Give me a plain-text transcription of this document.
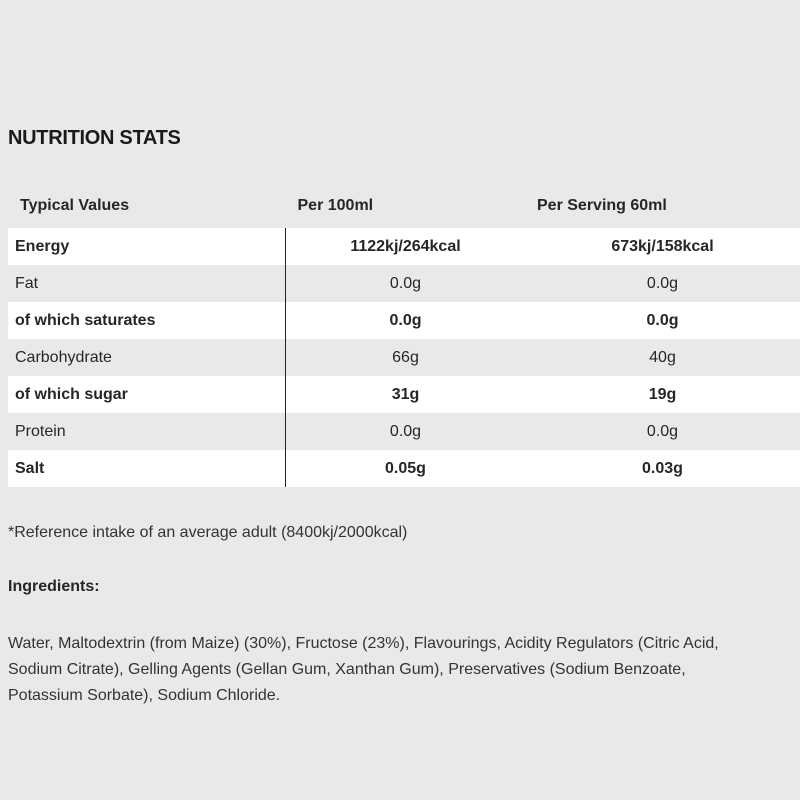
NUTRITION STATS
Typical Values	Per 100ml	Per Serving 60ml
Energy	1122kj/264kcal	673kj/158kcal
Fat	0.0g	0.0g
of which saturates	0.0g	0.0g
Carbohydrate	66g	40g
of which sugar	31g	19g
Protein	0.0g	0.0g
Salt	0.05g	0.03g
*Reference intake of an average adult (8400kj/2000kcal)
Ingredients:
Water, Maltodextrin (from Maize) (30%), Fructose (23%), Flavourings, Acidity Regulators (Citric Acid,
Sodium Citrate), Gelling Agents (Gellan Gum, Xanthan Gum), Preservatives (Sodium Benzoate,
Potassium Sorbate), Sodium Chloride.
